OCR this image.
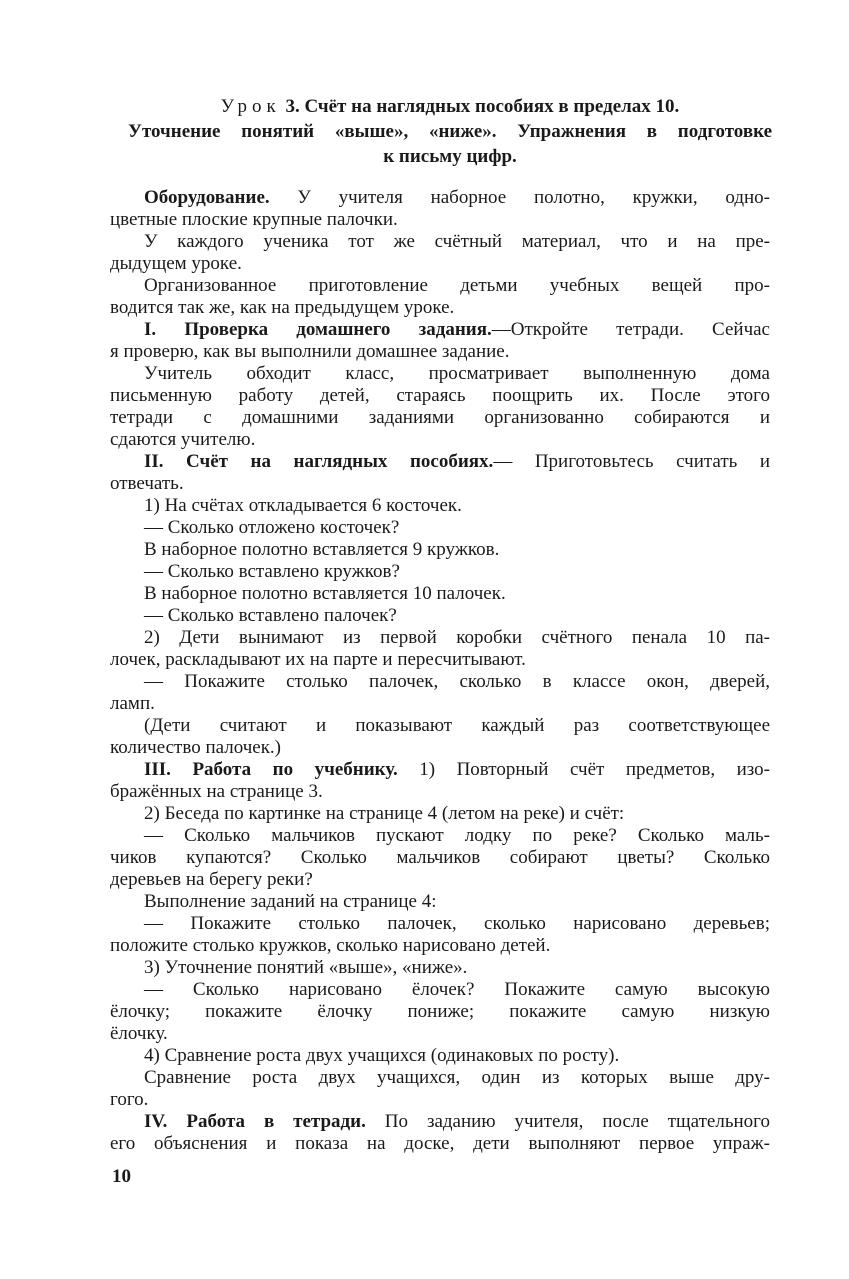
Урок 3. Счёт на наглядных пособиях в пределах 10.
Уточнение понятий «выше», «ниже». Упражнения в подготовке
к письму цифр.
Оборудование. У учителя наборное полотно, кружки, одно-
цветные плоские крупные палочки.
У каждого ученика тот же счётный материал, что и на пре-
дыдущем уроке.
Организованное приготовление детьми учебных вещей про-
водится так же, как на предыдущем уроке.
I. Проверка домашнего задания.—Откройте тетради. Сейчас
я проверю, как вы выполнили домашнее задание.
Учитель обходит класс, просматривает выполненную дома
письменную работу детей, стараясь поощрить их. После этого
тетради с домашними заданиями организованно собираются и
сдаются учителю.
II. Счёт на наглядных пособиях.— Приготовьтесь считать и
отвечать.
1) На счётах откладывается 6 косточек.
— Сколько отложено косточек?
В наборное полотно вставляется 9 кружков.
— Сколько вставлено кружков?
В наборное полотно вставляется 10 палочек.
— Сколько вставлено палочек?
2) Дети вынимают из первой коробки счётного пенала 10 па-
лочек, раскладывают их на парте и пересчитывают.
— Покажите столько палочек, сколько в классе окон, дверей,
ламп.
(Дети считают и показывают каждый раз соответствующее
количество палочек.)
III. Работа по учебнику. 1) Повторный счёт предметов, изо-
бражённых на странице 3.
2) Беседа по картинке на странице 4 (летом на реке) и счёт:
— Сколько мальчиков пускают лодку по реке? Сколько маль-
чиков купаются? Сколько мальчиков собирают цветы? Сколько
деревьев на берегу реки?
Выполнение заданий на странице 4:
— Покажите столько палочек, сколько нарисовано деревьев;
положите столько кружков, сколько нарисовано детей.
3) Уточнение понятий «выше», «ниже».
— Сколько нарисовано ёлочек? Покажите самую высокую
ёлочку; покажите ёлочку пониже; покажите самую низкую
ёлочку.
4) Сравнение роста двух учащихся (одинаковых по росту).
Сравнение роста двух учащихся, один из которых выше дру-
гого.
IV. Работа в тетради. По заданию учителя, после тщательного
его объяснения и показа на доске, дети выполняют первое упраж-
10
